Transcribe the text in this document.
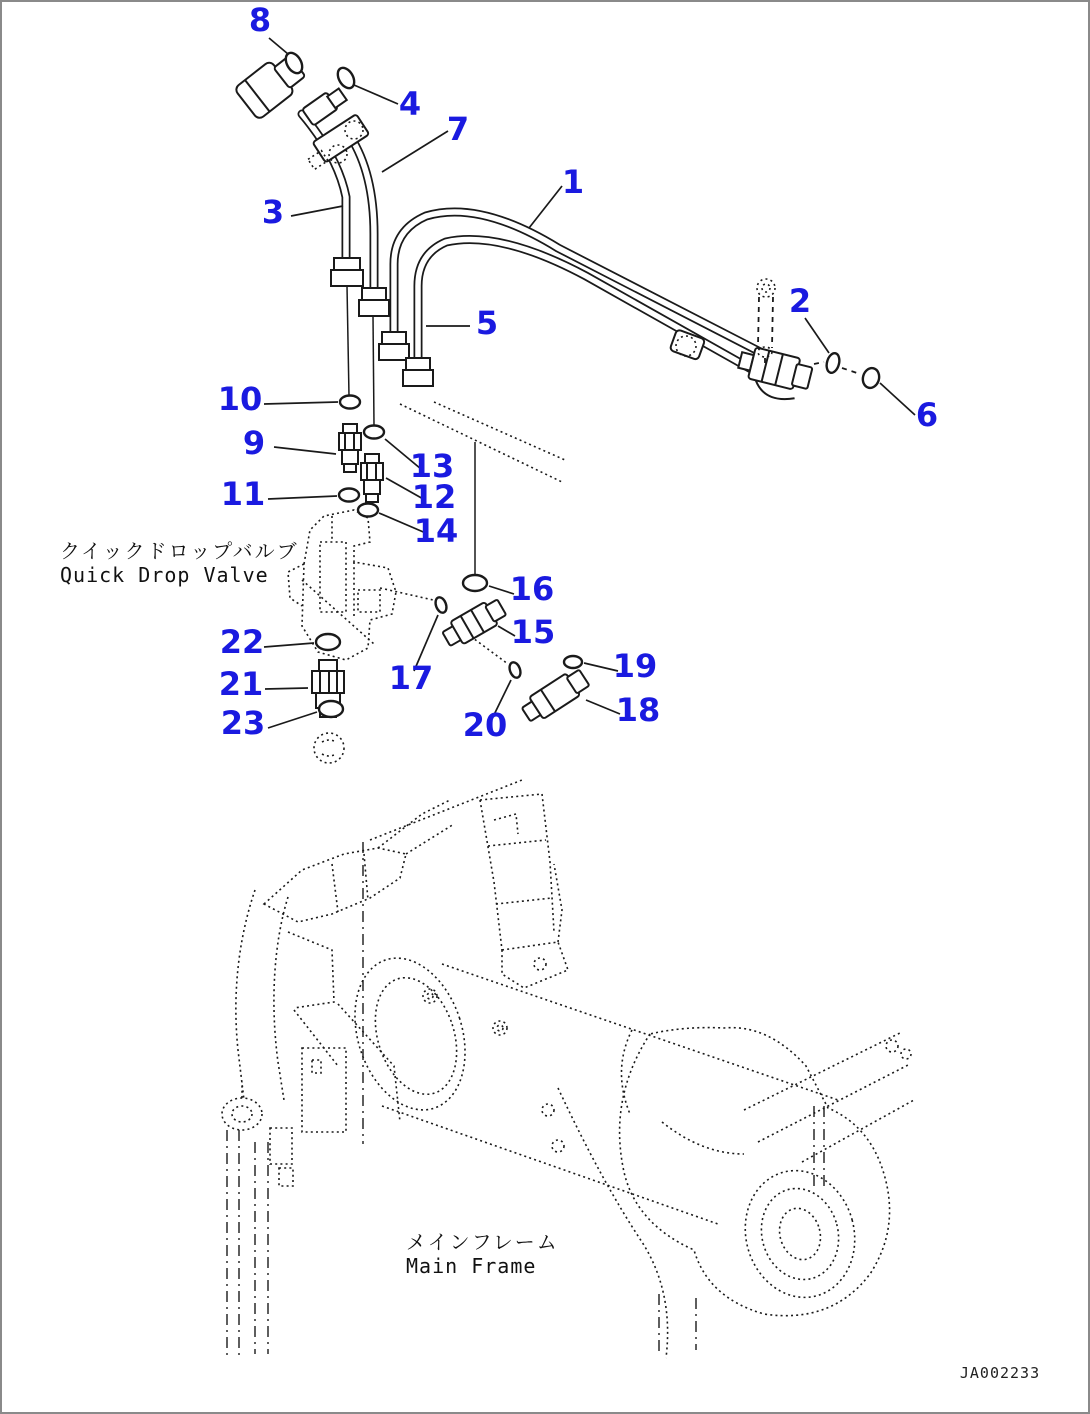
1
2
3
4
5
6
7
8
9
10
11	12
13
14
15
16
17
18
19
20
21
22
23
クイックドロップバルブ
Quick Drop Valve
メインフレーム
Main Frame
JA002233
